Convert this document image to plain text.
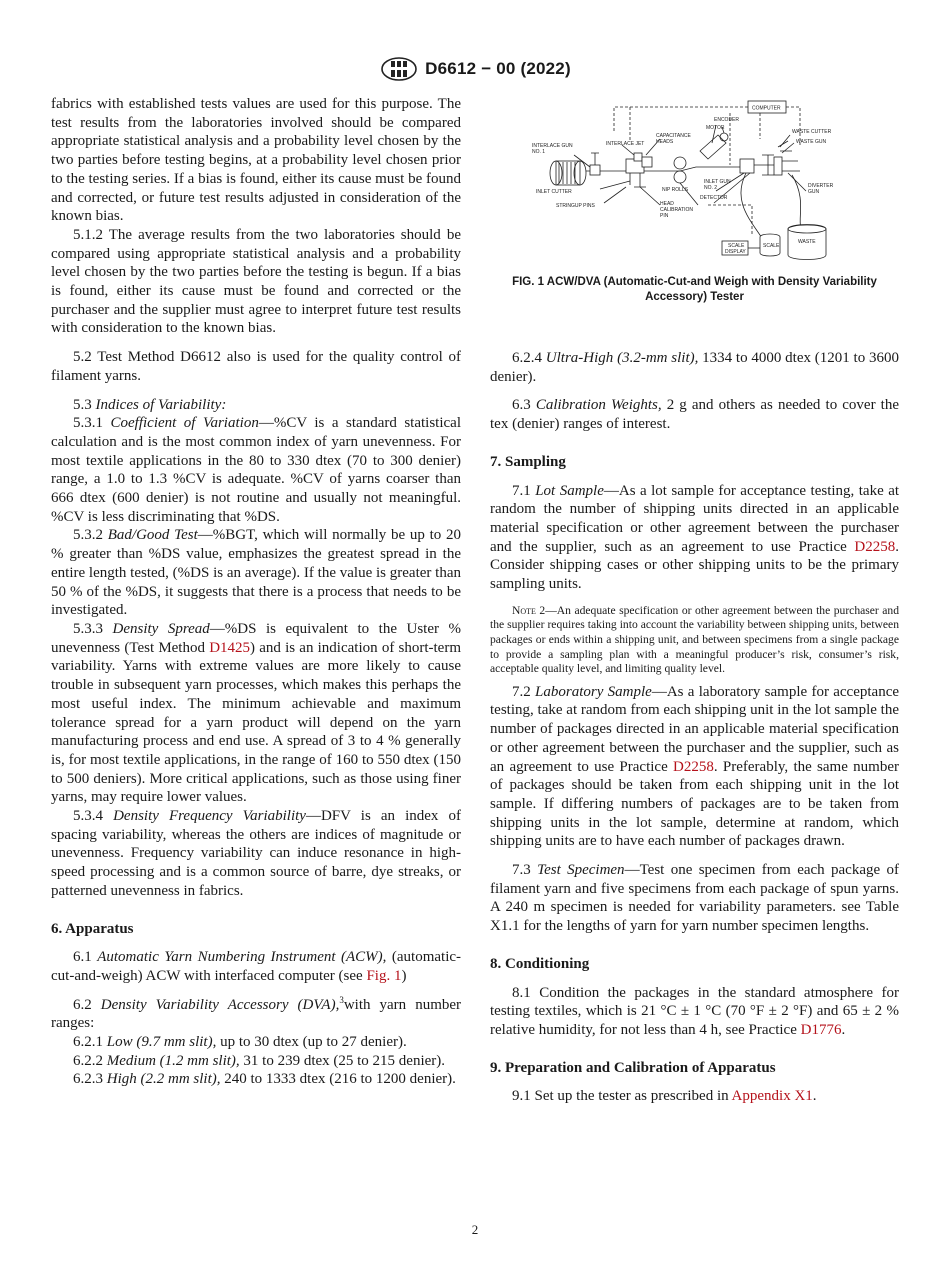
D6612 − 00 (2022)

fabrics with established tests values are used for this purpose. The test results from the laboratories involved should be compared appropriate statistical analysis and a probability level chosen by the two parties before testing begins, at a probability level chosen prior to the testing series. If a bias is found, either its cause must be found and corrected, or future test results adjusted in consideration of the known bias.

5.1.2 The average results from the two laboratories should be compared using appropriate statistical analysis and a probability level chosen by the two parties before the testing is begun. If a bias is found, either its cause must be found and corrected or the purchaser and the supplier must agree to interpret future test results with consideration to the known bias.

5.2 Test Method D6612 also is used for the quality control of filament yarns.

5.3 Indices of Variability:

5.3.1 Coefficient of Variation—%CV is a standard statistical calculation and is the most common index of yarn unevenness. For most textile applications in the 80 to 330 dtex (70 to 300 denier) range, a 1.0 to 1.3 %CV is adequate. %CV of yarns coarser than 666 dtex (600 denier) is not routine and usually not meaningful. %CV is less discriminating that %DS.

5.3.2 Bad/Good Test—%BGT, which will normally be up to 20 % greater than %DS value, emphasizes the greatest spread in the entire length tested, (%DS is an average). If the value is greater than 50 % of the %DS, it suggests that there is a process that needs to be investigated.

5.3.3 Density Spread—%DS is equivalent to the Uster % unevenness (Test Method D1425) and is an indication of short-term variability. Yarns with extreme values are more likely to cause trouble in subsequent yarn processes, which makes this perhaps the most useful index. The minimum achievable and maximum tolerance spread for a yarn product will depend on the yarn manufacturing process and end use. A spread of 3 to 4 % generally is, for most textile applications, in the range of 160 to 550 dtex (150 to 500 deniers). More critical applications, such as those using finer yarns, may require lower values.

5.3.4 Density Frequency Variability—DFV is an index of spacing variability, whereas the others are indices of magnitude or unevenness. Frequency variability can induce resonance in high-speed processing and is a common source of barre, dye streaks, or patterned unevenness in fabrics.

6. Apparatus

6.1 Automatic Yarn Numbering Instrument (ACW), (automatic-cut-and-weigh) ACW with interfaced computer (see Fig. 1)

6.2 Density Variability Accessory (DVA),$^3$with yarn number ranges:

6.2.1 Low (9.7 mm slit), up to 30 dtex (up to 27 denier).

6.2.2 Medium (1.2 mm slit), 31 to 239 dtex (25 to 215 denier).

6.2.3 High (2.2 mm slit), 240 to 1333 dtex (216 to 1200 denier).

COMPUTER
ENCODER
MOTOR
INTERLACE JET
CAPACITANCE
HEADS
WASTE CUTTER
WASTE GUN
INTERLACE GUN
NO. 1
INLET CUTTER	NIP ROLLS
INLET GUN
NO. 2	DIVERTER
GUN
STRINGUP PINS	HEAD
CALIBRATION
PIN
DETECTOR
SCALE
DISPLAY
SCALE
WASTE
FIG. 1 ACW/DVA (Automatic-Cut-and Weigh with Density Variability Accessory) Tester

6.2.4 Ultra-High (3.2-mm slit), 1334 to 4000 dtex (1201 to 3600 denier).

6.3 Calibration Weights, 2 g and others as needed to cover the tex (denier) ranges of interest.

7. Sampling

7.1 Lot Sample—As a lot sample for acceptance testing, take at random the number of shipping units directed in an applicable material specification or other agreement between the purchaser and the supplier, such as an agreement to use Practice D2258. Consider shipping cases or other shipping units to be the primary sampling units.

Note 2—An adequate specification or other agreement between the purchaser and the supplier requires taking into account the variability between shipping units, between packages or ends within a shipping unit, and between specimens from a single package to provide a sampling plan with a meaningful producer’s risk, consumer’s risk, acceptable quality level, and limiting quality level.

7.2 Laboratory Sample—As a laboratory sample for acceptance testing, take at random from each shipping unit in the lot sample the number of packages directed in an applicable material specification or other agreement between the purchaser and the supplier, such as an agreement to use Practice D2258. Preferably, the same number of packages should be taken from each shipping unit in the lot sample. If differing numbers of packages are to be taken from shipping units in the lot sample, determine at random, which shipping units are to have each number of packages drawn.

7.3 Test Specimen—Test one specimen from each package of filament yarn and five specimens from each package of spun yarns. A 240 m specimen is needed for variability parameters. see Table X1.1 for the lengths of yarn for yarn number specimen lengths.

8. Conditioning

8.1 Condition the packages in the standard atmosphere for testing textiles, which is 21 °C ± 1 °C (70 °F ± 2 °F) and 65 ± 2 % relative humidity, for not less than 4 h, see Practice D1776.

9. Preparation and Calibration of Apparatus

9.1 Set up the tester as prescribed in Appendix X1.

2
